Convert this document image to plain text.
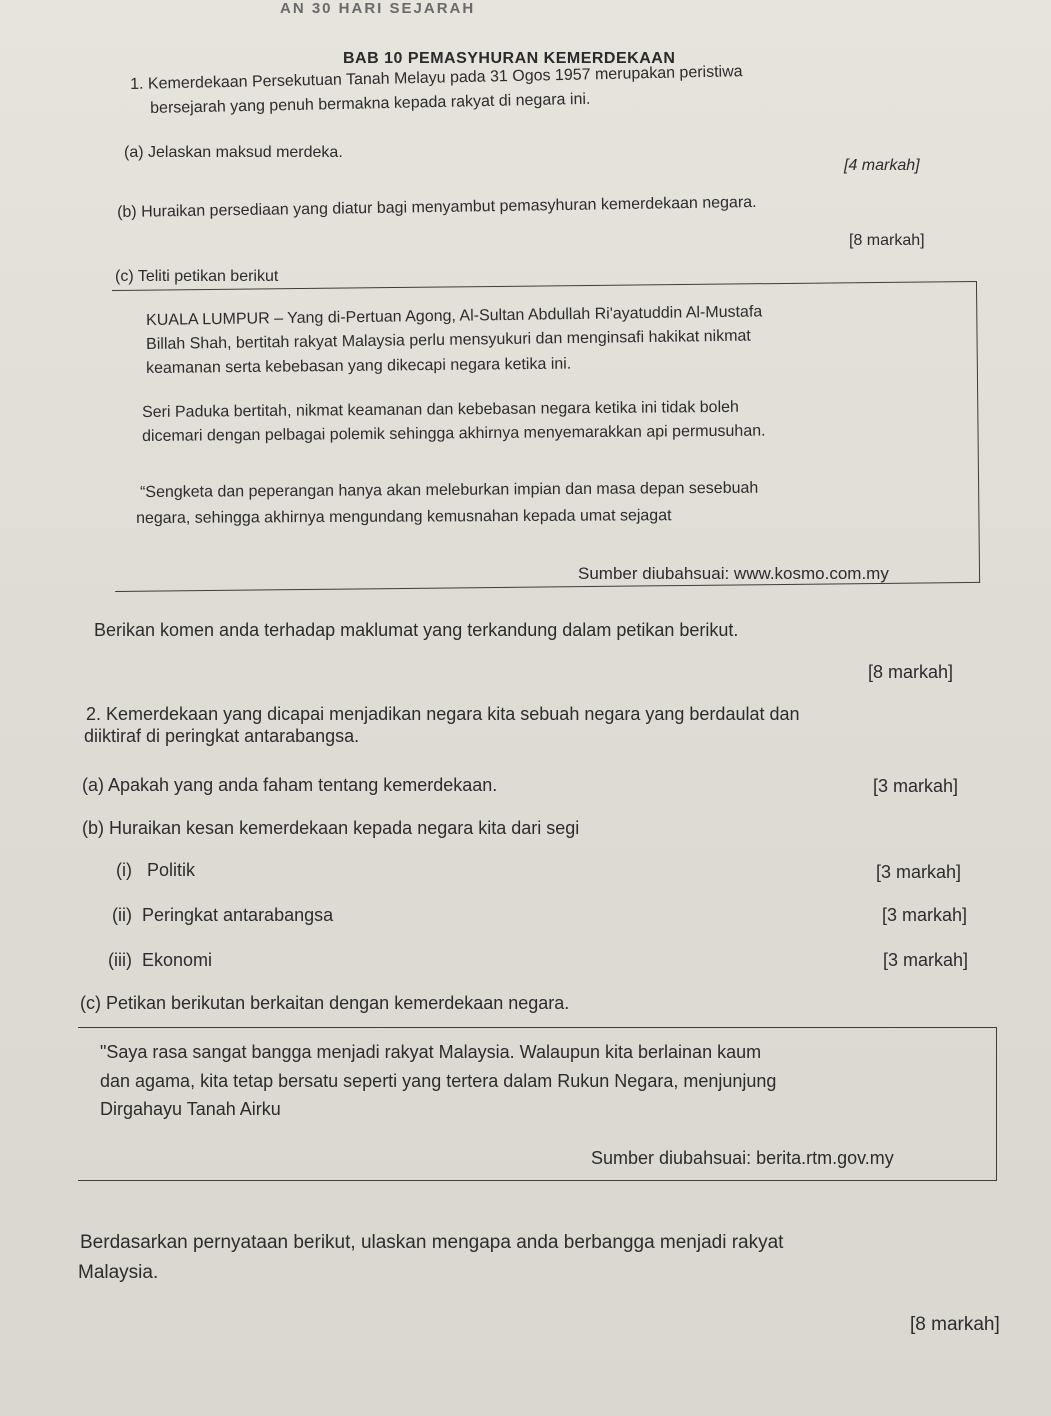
AN 30 HARI SEJARAH
BAB 10 PEMASYHURAN KEMERDEKAAN
1. Kemerdekaan Persekutuan Tanah Melayu pada 31 Ogos 1957 merupakan peristiwa
bersejarah yang penuh bermakna kepada rakyat di negara ini.
(a) Jelaskan maksud merdeka.
[4 markah]
(b) Huraikan persediaan yang diatur bagi menyambut pemasyhuran kemerdekaan negara.
[8 markah]
(c) Teliti petikan berikut
KUALA LUMPUR – Yang di-Pertuan Agong, Al-Sultan Abdullah Ri'ayatuddin Al-Mustafa
Billah Shah, bertitah rakyat Malaysia perlu mensyukuri dan menginsafi hakikat nikmat
keamanan serta kebebasan yang dikecapi negara ketika ini.
Seri Paduka bertitah, nikmat keamanan dan kebebasan negara ketika ini tidak boleh
dicemari dengan pelbagai polemik sehingga akhirnya menyemarakkan api permusuhan.
“Sengketa dan peperangan hanya akan meleburkan impian dan masa depan sesebuah
negara, sehingga akhirnya mengundang kemusnahan kepada umat sejagat
Sumber diubahsuai: www.kosmo.com.my
Berikan komen anda terhadap maklumat yang terkandung dalam petikan berikut.
[8 markah]
2. Kemerdekaan yang dicapai menjadikan negara kita sebuah negara yang berdaulat dan
diiktiraf di peringkat antarabangsa.
(a) Apakah yang anda faham tentang kemerdekaan.	[3 markah]
(b) Huraikan kesan kemerdekaan kepada negara kita dari segi
(i)   Politik	[3 markah]
(ii)  Peringkat antarabangsa	[3 markah]
(iii)  Ekonomi	[3 markah]
(c) Petikan berikutan berkaitan dengan kemerdekaan negara.
"Saya rasa sangat bangga menjadi rakyat Malaysia. Walaupun kita berlainan kaum
dan agama, kita tetap bersatu seperti yang tertera dalam Rukun Negara, menjunjung
Dirgahayu Tanah Airku
Sumber diubahsuai: berita.rtm.gov.my
Berdasarkan pernyataan berikut, ulaskan mengapa anda berbangga menjadi rakyat
Malaysia.
[8 markah]
